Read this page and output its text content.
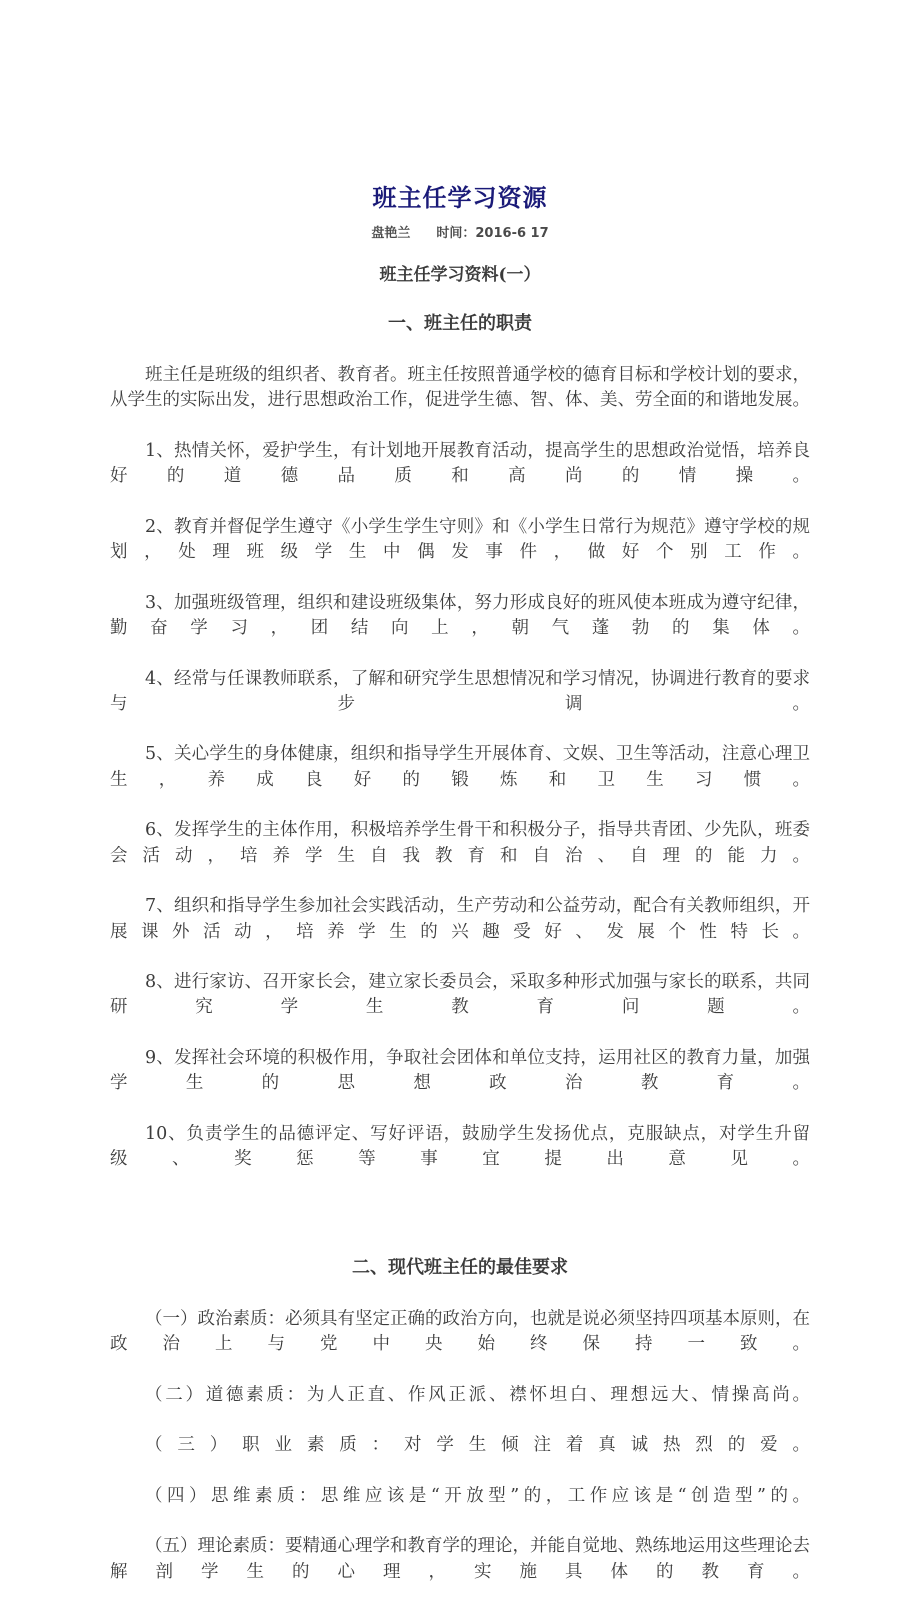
班主任学习资源
盘艳兰 时间：2016-6 17
班主任学习资料(一）
一、班主任的职责

班主任是班级的组织者、教育者。班主任按照普通学校的德育目标和学校计划的要求，从学生的实际出发，进行思想政治工作，促进学生德、智、体、美、劳全面的和谐地发展。

1、热情关怀，爱护学生，有计划地开展教育活动，提高学生的思想政治觉悟，培养良好的道德品质和高尚的情操。

2、教育并督促学生遵守《小学生学生守则》和《小学生日常行为规范》遵守学校的规划，处理班级学生中偶发事件，做好个别工作。

3、加强班级管理，组织和建设班级集体，努力形成良好的班风使本班成为遵守纪律，勤奋学习，团结向上，朝气蓬勃的集体。

4、经常与任课教师联系，了解和研究学生思想情况和学习情况，协调进行教育的要求与步调。

5、关心学生的身体健康，组织和指导学生开展体育、文娱、卫生等活动，注意心理卫生，养成良好的锻炼和卫生习惯。

6、发挥学生的主体作用，积极培养学生骨干和积极分子，指导共青团、少先队，班委会活动，培养学生自我教育和自治、自理的能力。

7、组织和指导学生参加社会实践活动，生产劳动和公益劳动，配合有关教师组织，开展课外活动，培养学生的兴趣受好、发展个性特长。

8、进行家访、召开家长会，建立家长委员会，采取多种形式加强与家长的联系，共同研究学生教育问题。

9、发挥社会环境的积极作用，争取社会团体和单位支持，运用社区的教育力量，加强学生的思想政治教育。

10、负责学生的品德评定、写好评语，鼓励学生发扬优点，克服缺点，对学生升留级、奖惩等事宜提出意见。

二、现代班主任的最佳要求

（一）政治素质：必须具有坚定正确的政治方向，也就是说必须坚持四项基本原则，在政治上与党中央始终保持一致。

（二）道德素质：为人正直、作风正派、襟怀坦白、理想远大、情操高尚。

（三）职业素质：对学生倾注着真诚热烈的爱。

（四）思维素质：思维应该是“开放型”的，工作应该是“创造型”的。

（五）理论素质：要精通心理学和教育学的理论，并能自觉地、熟练地运用这些理论去解剖学生的心理，实施具体的教育。
